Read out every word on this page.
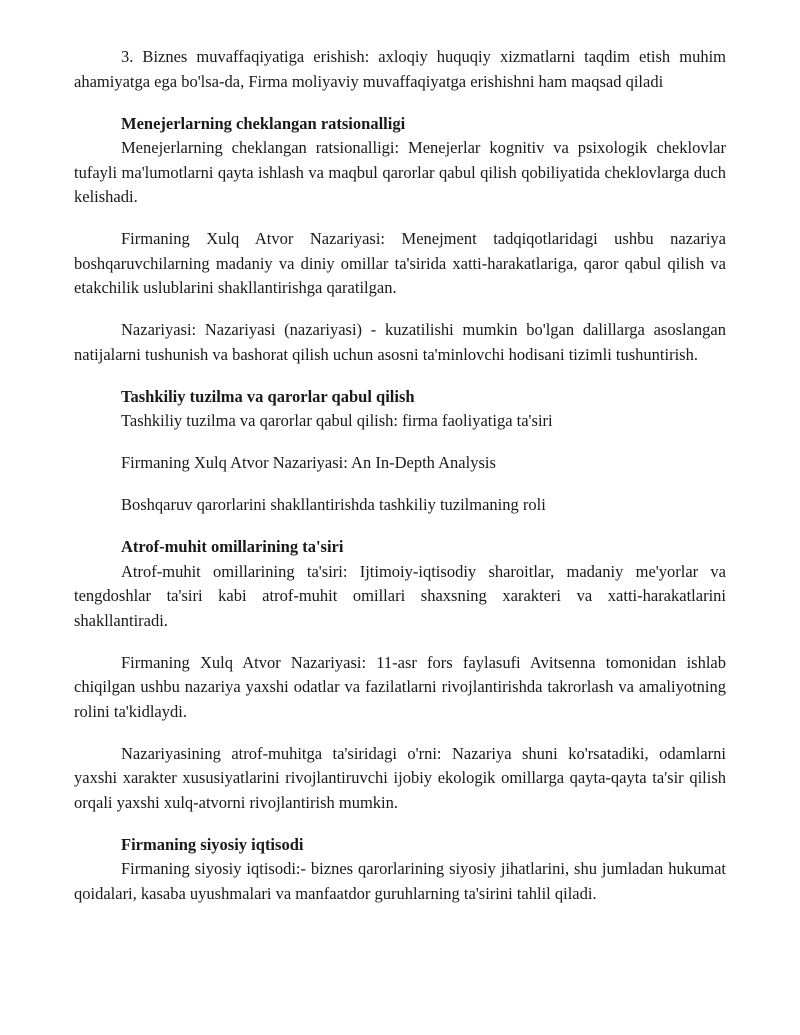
3. Biznes muvaffaqiyatiga erishish: axloqiy huquqiy xizmatlarni taqdim etish muhim ahamiyatga ega bo'lsa-da, Firma moliyaviy muvaffaqiyatga erishishni ham maqsad qiladi

Menejerlarning cheklangan ratsionalligi

Menejerlarning cheklangan ratsionalligi: Menejerlar kognitiv va psixologik cheklovlar tufayli ma'lumotlarni qayta ishlash va maqbul qarorlar qabul qilish qobiliyatida cheklovlarga duch kelishadi.

Firmaning Xulq Atvor Nazariyasi: Menejment tadqiqotlaridagi ushbu nazariya boshqaruvchilarning madaniy va diniy omillar ta'sirida xatti-harakatlariga, qaror qabul qilish va etakchilik uslublarini shakllantirishga qaratilgan.

Nazariyasi: Nazariyasi (nazariyasi) - kuzatilishi mumkin bo'lgan dalillarga asoslangan natijalarni tushunish va bashorat qilish uchun asosni ta'minlovchi hodisani tizimli tushuntirish.

Tashkiliy tuzilma va qarorlar qabul qilish

Tashkiliy tuzilma va qarorlar qabul qilish: firma faoliyatiga ta'siri

Firmaning Xulq Atvor Nazariyasi: An In-Depth Analysis

Boshqaruv qarorlarini shakllantirishda tashkiliy tuzilmaning roli

Atrof-muhit omillarining ta'siri

Atrof-muhit omillarining ta'siri: Ijtimoiy-iqtisodiy sharoitlar, madaniy me'yorlar va tengdoshlar ta'siri kabi atrof-muhit omillari shaxsning xarakteri va xatti-harakatlarini shakllantiradi.

Firmaning Xulq Atvor Nazariyasi: 11-asr fors faylasufi Avitsenna tomonidan ishlab chiqilgan ushbu nazariya yaxshi odatlar va fazilatlarni rivojlantirishda takrorlash va amaliyotning rolini ta'kidlaydi.

Nazariyasining atrof-muhitga ta'siridagi o'rni: Nazariya shuni ko'rsatadiki, odamlarni yaxshi xarakter xususiyatlarini rivojlantiruvchi ijobiy ekologik omillarga qayta-qayta ta'sir qilish orqali yaxshi xulq-atvorni rivojlantirish mumkin.

Firmaning siyosiy iqtisodi

Firmaning siyosiy iqtisodi:- biznes qarorlarining siyosiy jihatlarini, shu jumladan hukumat qoidalari, kasaba uyushmalari va manfaatdor guruhlarning ta'sirini tahlil qiladi.
